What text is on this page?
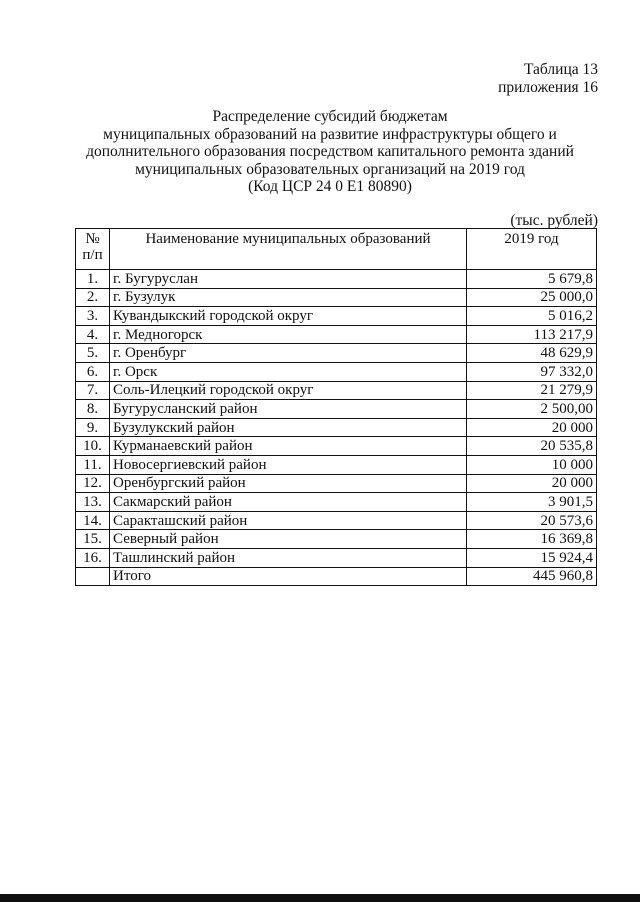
Таблица 13
приложения 16
Распределение субсидий бюджетам
муниципальных образований на развитие инфраструктуры общего и
дополнительного образования посредством капитального ремонта зданий
муниципальных образовательных организаций на 2019 год
(Код ЦСР 24 0 Е1 80890)
(тыс. рублей)
№
п/п	Наименование муниципальных образований	2019 год
1.	г. Бугуруслан	5 679,8
2.	г. Бузулук	25 000,0
3.	Кувандыкский городской округ	5 016,2
4.	г. Медногорск	113 217,9
5.	г. Оренбург	48 629,9
6.	г. Орск	97 332,0
7.	Соль-Илецкий городской округ	21 279,9
8.	Бугурусланский район	2 500,00
9.	Бузулукский район	20 000
10.	Курманаевский район	20 535,8
11.	Новосергиевский район	10 000
12.	Оренбургский район	20 000
13.	Сакмарский район	3 901,5
14.	Саракташский район	20 573,6
15.	Северный район	16 369,8
16.	Ташлинский район	15 924,4
	Итого	445 960,8
